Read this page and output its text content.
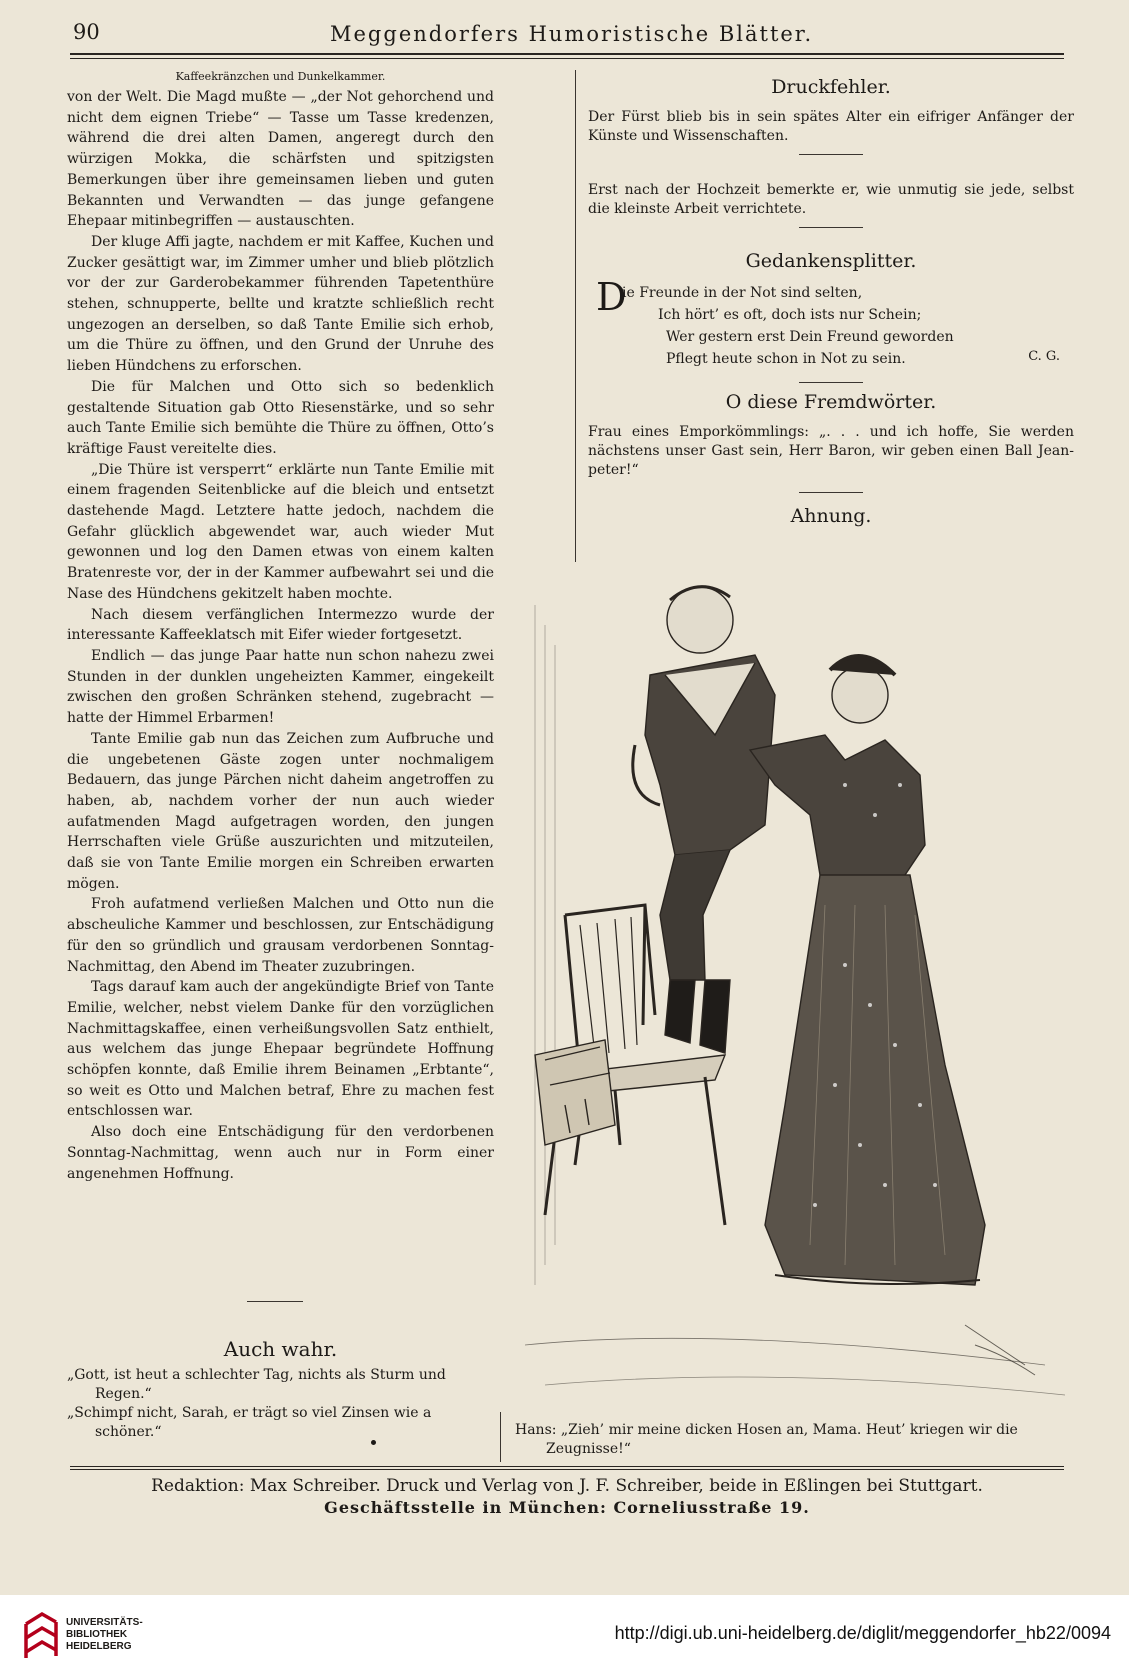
90	Meggendorfers Humoristische Blätter.
Kaffeekränzchen und Dunkelkammer.

von der Welt. Die Magd mußte — „der Not gehorchend und nicht dem eignen Triebe“ — Tasse um Tasse kredenzen, während die drei alten Damen, angeregt durch den würzigen Mokka, die schärfsten und spitzigsten Bemerkungen über ihre gemeinsamen lieben und guten Bekannten und Verwandten — das junge gefangene Ehepaar mitinbegriffen — austauschten.

Der kluge Affi jagte, nachdem er mit Kaffee, Kuchen und Zucker gesättigt war, im Zimmer umher und blieb plötzlich vor der zur Garderobekammer führenden Tapetenthüre stehen, schnupperte, bellte und kratzte schließlich recht ungezogen an derselben, so daß Tante Emilie sich erhob, um die Thüre zu öffnen, und den Grund der Unruhe des lieben Hündchens zu erforschen.

Die für Malchen und Otto sich so bedenklich gestaltende Situation gab Otto Riesenstärke, und so sehr auch Tante Emilie sich bemühte die Thüre zu öffnen, Otto’s kräftige Faust vereitelte dies.

„Die Thüre ist versperrt“ erklärte nun Tante Emilie mit einem fragenden Seitenblicke auf die bleich und entsetzt dastehende Magd. Letztere hatte jedoch, nachdem die Gefahr glücklich abgewendet war, auch wieder Mut gewonnen und log den Damen etwas von einem kalten Bratenreste vor, der in der Kammer aufbewahrt sei und die Nase des Hündchens gekitzelt haben mochte.

Nach diesem verfänglichen Intermezzo wurde der interessante Kaffeeklatsch mit Eifer wieder fortgesetzt.

Endlich — das junge Paar hatte nun schon nahezu zwei Stunden in der dunklen ungeheizten Kammer, eingekeilt zwischen den großen Schränken stehend, zugebracht — hatte der Himmel Erbarmen!

Tante Emilie gab nun das Zeichen zum Aufbruche und die ungebetenen Gäste zogen unter nochmaligem Bedauern, das junge Pärchen nicht daheim angetroffen zu haben, ab, nachdem vorher der nun auch wieder aufatmenden Magd aufgetragen worden, den jungen Herrschaften viele Grüße auszurichten und mitzuteilen, daß sie von Tante Emilie morgen ein Schreiben erwarten mögen.

Froh aufatmend verließen Malchen und Otto nun die abscheuliche Kammer und beschlossen, zur Entschädigung für den so gründlich und grausam verdorbenen Sonntag-Nachmittag, den Abend im Theater zuzubringen.

Tags darauf kam auch der angekündigte Brief von Tante Emilie, welcher, nebst vielem Danke für den vorzüglichen Nachmittagskaffee, einen verheißungsvollen Satz enthielt, aus welchem das junge Ehepaar begründete Hoffnung schöpfen konnte, daß Emilie ihrem Beinamen „Erbtante“, so weit es Otto und Malchen betraf, Ehre zu machen fest entschlossen war.

Also doch eine Entschädigung für den verdorbenen Sonntag-Nachmittag, wenn auch nur in Form einer angenehmen Hoffnung.

Auch wahr.
„Gott, ist heut a schlechter Tag, nichts als Sturm und Regen.“
„Schimpf nicht, Sarah, er trägt so viel Zinsen wie a schöner.“
Druckfehler.

Der Fürst blieb bis in sein spätes Alter ein eifriger Anfänger der Künste und Wissenschaften.

Erst nach der Hochzeit bemerkte er, wie unmutig sie jede, selbst die kleinste Arbeit verrichtete.

Gedankensplitter.
D
ie Freunde in der Not sind selten,
Ich hört’ es oft, doch ists nur Schein;
Wer gestern erst Dein Freund geworden
Pflegt heute schon in Not zu sein.	C. G.
O diese Fremdwörter.

Frau eines Emporkömmlings: „. . . und ich hoffe, Sie werden nächstens unser Gast sein, Herr Baron, wir geben einen Ball Jean-peter!“

Ahnung.
Hans: „Zieh’ mir meine dicken Hosen an, Mama. Heut’ kriegen wir die Zeugnisse!“
Redaktion: Max Schreiber. Druck und Verlag von J. F. Schreiber, beide in Eßlingen bei Stuttgart.
Geschäftsstelle in München: Corneliusstraße 19.
UNIVERSITÄTS-
BIBLIOTHEK
HEIDELBERG
http://digi.ub.uni-heidelberg.de/diglit/meggendorfer_hb22/0094
